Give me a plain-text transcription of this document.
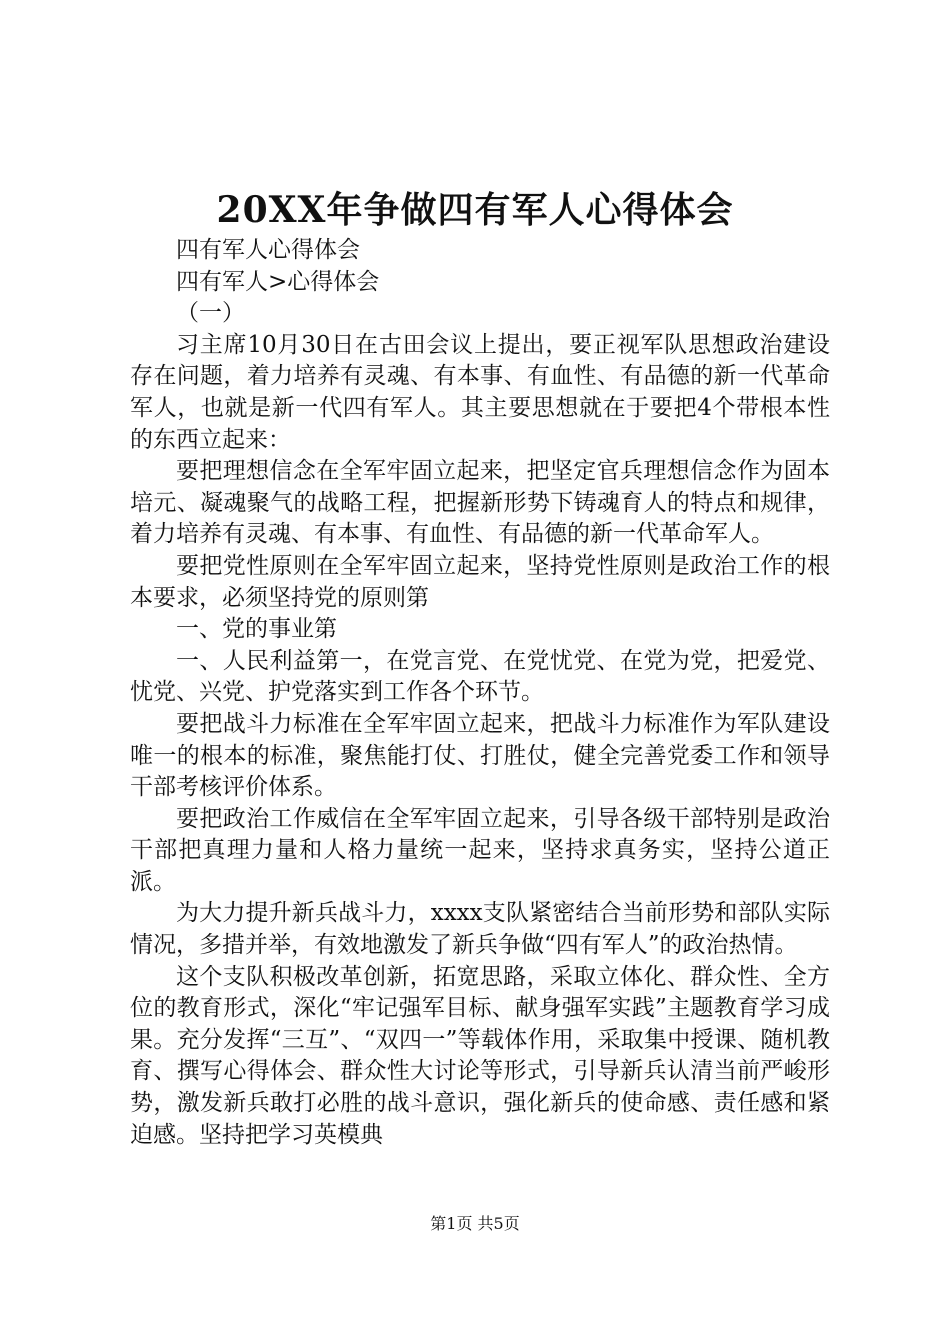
20XX年争做四有军人心得体会

四有军人心得体会

四有军人>心得体会

（一）

习主席10月30日在古田会议上提出，要正视军队思想政治建设存在问题，着力培养有灵魂、有本事、有血性、有品德的新一代革命军人，也就是新一代四有军人。其主要思想就在于要把4个带根本性的东西立起来：

要把理想信念在全军牢固立起来，把坚定官兵理想信念作为固本培元、凝魂聚气的战略工程，把握新形势下铸魂育人的特点和规律，着力培养有灵魂、有本事、有血性、有品德的新一代革命军人。

要把党性原则在全军牢固立起来，坚持党性原则是政治工作的根本要求，必须坚持党的原则第

一、党的事业第

一、人民利益第一，在党言党、在党忧党、在党为党，把爱党、忧党、兴党、护党落实到工作各个环节。

要把战斗力标准在全军牢固立起来，把战斗力标准作为军队建设唯一的根本的标准，聚焦能打仗、打胜仗，健全完善党委工作和领导干部考核评价体系。

要把政治工作威信在全军牢固立起来，引导各级干部特别是政治干部把真理力量和人格力量统一起来，坚持求真务实，坚持公道正派。

为大力提升新兵战斗力，xxxx支队紧密结合当前形势和部队实际情况，多措并举，有效地激发了新兵争做“四有军人”的政治热情。

这个支队积极改革创新，拓宽思路，采取立体化、群众性、全方位的教育形式，深化“牢记强军目标、献身强军实践”主题教育学习成果。充分发挥“三互”、“双四一”等载体作用，采取集中授课、随机教育、撰写心得体会、群众性大讨论等形式，引导新兵认清当前严峻形势，激发新兵敢打必胜的战斗意识，强化新兵的使命感、责任感和紧迫感。坚持把学习英模典

第1页 共5页
